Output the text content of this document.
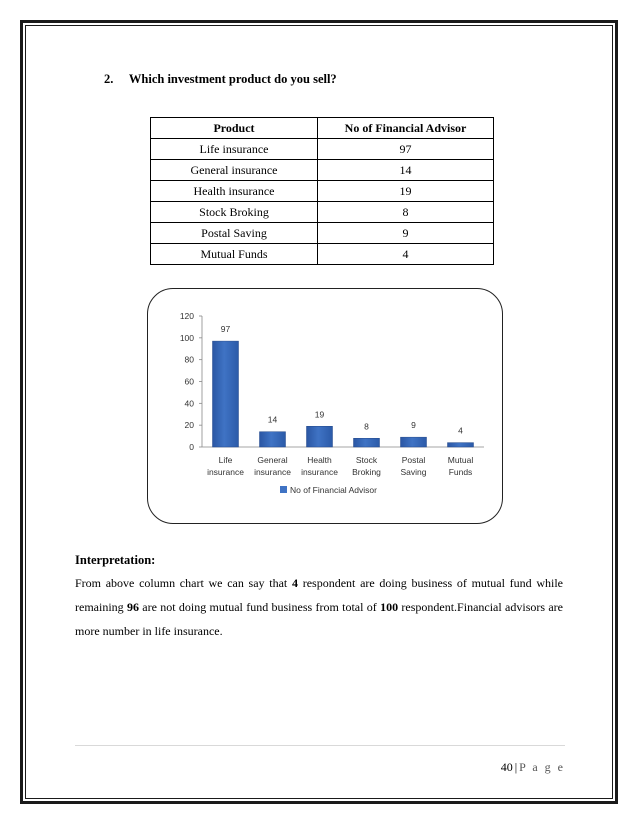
2. Which investment product do you sell?
Product	No of Financial Advisor
Life insurance	97
General insurance	14
Health insurance	19
Stock Broking	8
Postal Saving	9
Mutual Funds	4
0
20
40
60
80
100
120
97
Life
insurance
14
General
insurance
19
Health
insurance
8
Stock
Broking
9
Postal
Saving
4
Mutual
Funds
No of Financial Advisor
Interpretation:
From above column chart we can say that 4 respondent are doing business of mutual fund while remaining 96 are not doing mutual fund business from total of 100 respondent.Financial advisors are more number in life insurance.
40 | P a g e
